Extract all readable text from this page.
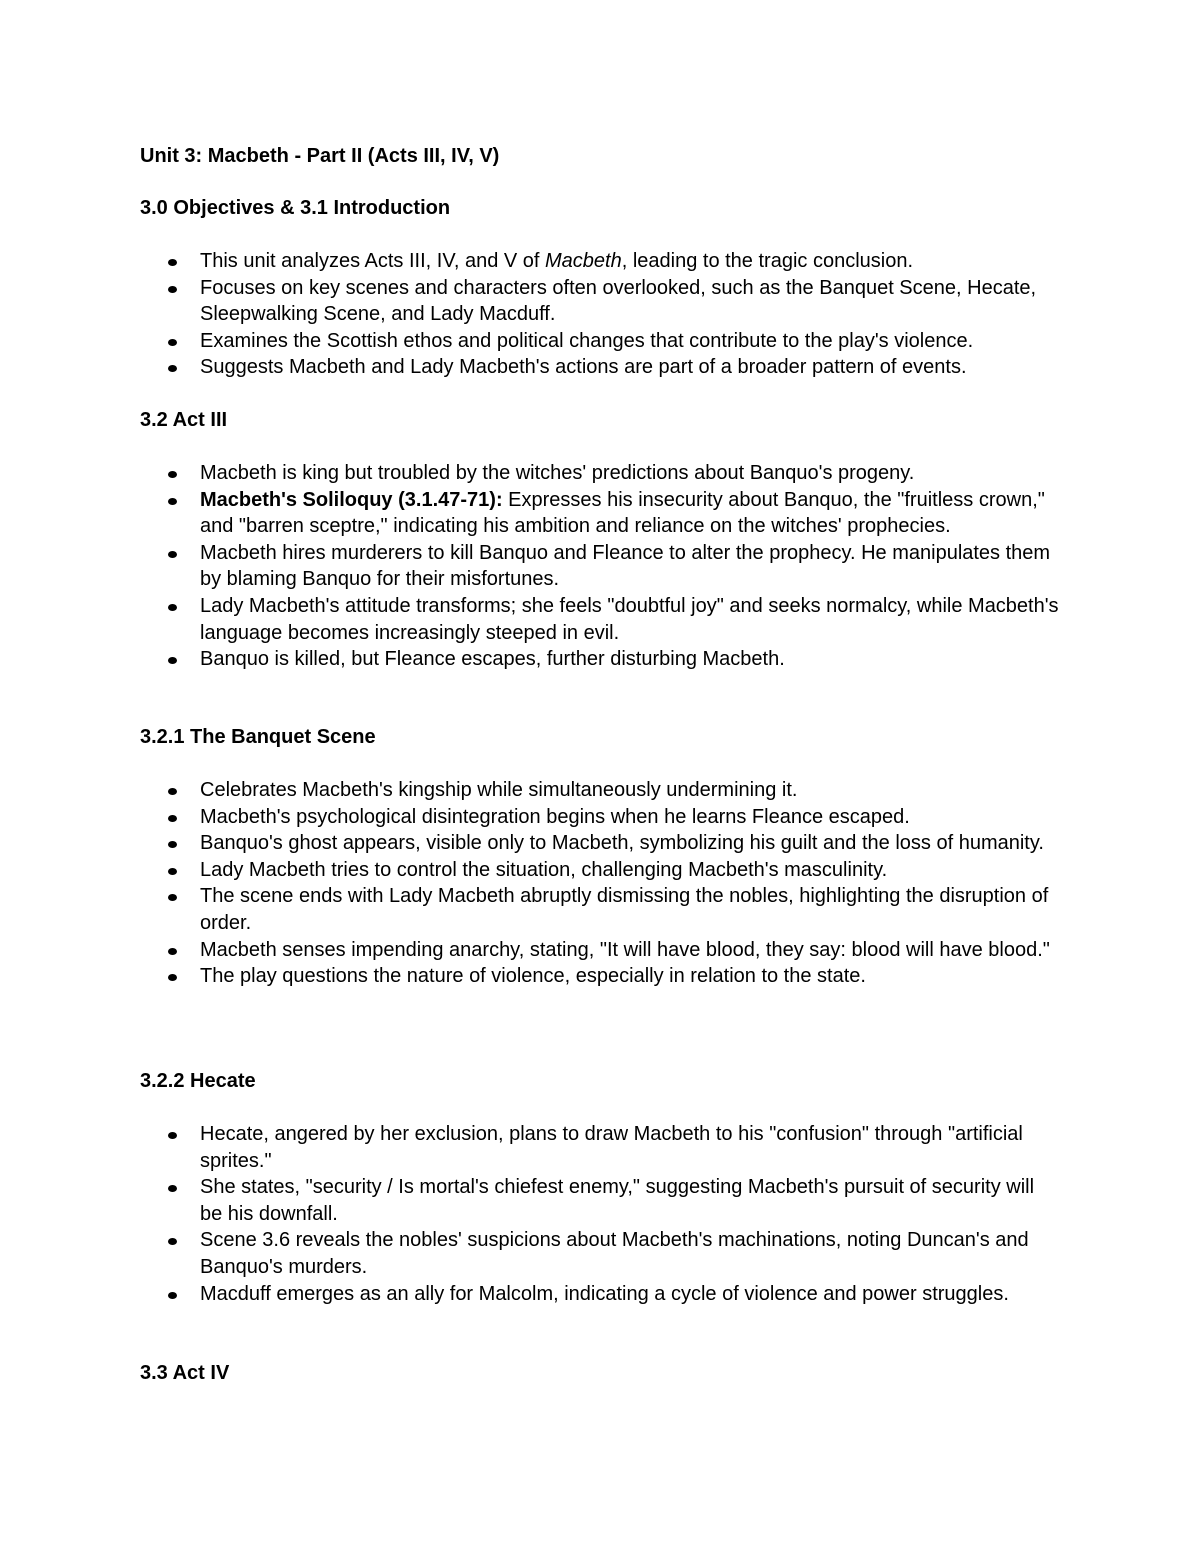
Unit 3: Macbeth - Part II (Acts III, IV, V)
3.0 Objectives & 3.1 Introduction
This unit analyzes Acts III, IV, and V of Macbeth, leading to the tragic conclusion.
Focuses on key scenes and characters often overlooked, such as the Banquet Scene, Hecate, Sleepwalking Scene, and Lady Macduff.
Examines the Scottish ethos and political changes that contribute to the play's violence.
Suggests Macbeth and Lady Macbeth's actions are part of a broader pattern of events.
3.2 Act III
Macbeth is king but troubled by the witches' predictions about Banquo's progeny.
Macbeth's Soliloquy (3.1.47-71): Expresses his insecurity about Banquo, the "fruitless crown," and "barren sceptre," indicating his ambition and reliance on the witches' prophecies.
Macbeth hires murderers to kill Banquo and Fleance to alter the prophecy. He manipulates them by blaming Banquo for their misfortunes.
Lady Macbeth's attitude transforms; she feels "doubtful joy" and seeks normalcy, while Macbeth's language becomes increasingly steeped in evil.
Banquo is killed, but Fleance escapes, further disturbing Macbeth.
3.2.1 The Banquet Scene
Celebrates Macbeth's kingship while simultaneously undermining it.
Macbeth's psychological disintegration begins when he learns Fleance escaped.
Banquo's ghost appears, visible only to Macbeth, symbolizing his guilt and the loss of humanity.
Lady Macbeth tries to control the situation, challenging Macbeth's masculinity.
The scene ends with Lady Macbeth abruptly dismissing the nobles, highlighting the disruption of order.
Macbeth senses impending anarchy, stating, "It will have blood, they say: blood will have blood."
The play questions the nature of violence, especially in relation to the state.
3.2.2 Hecate
Hecate, angered by her exclusion, plans to draw Macbeth to his "confusion" through "artificial sprites."
She states, "security / Is mortal's chiefest enemy," suggesting Macbeth's pursuit of security will be his downfall.
Scene 3.6 reveals the nobles' suspicions about Macbeth's machinations, noting Duncan's and Banquo's murders.
Macduff emerges as an ally for Malcolm, indicating a cycle of violence and power struggles.
3.3 Act IV
